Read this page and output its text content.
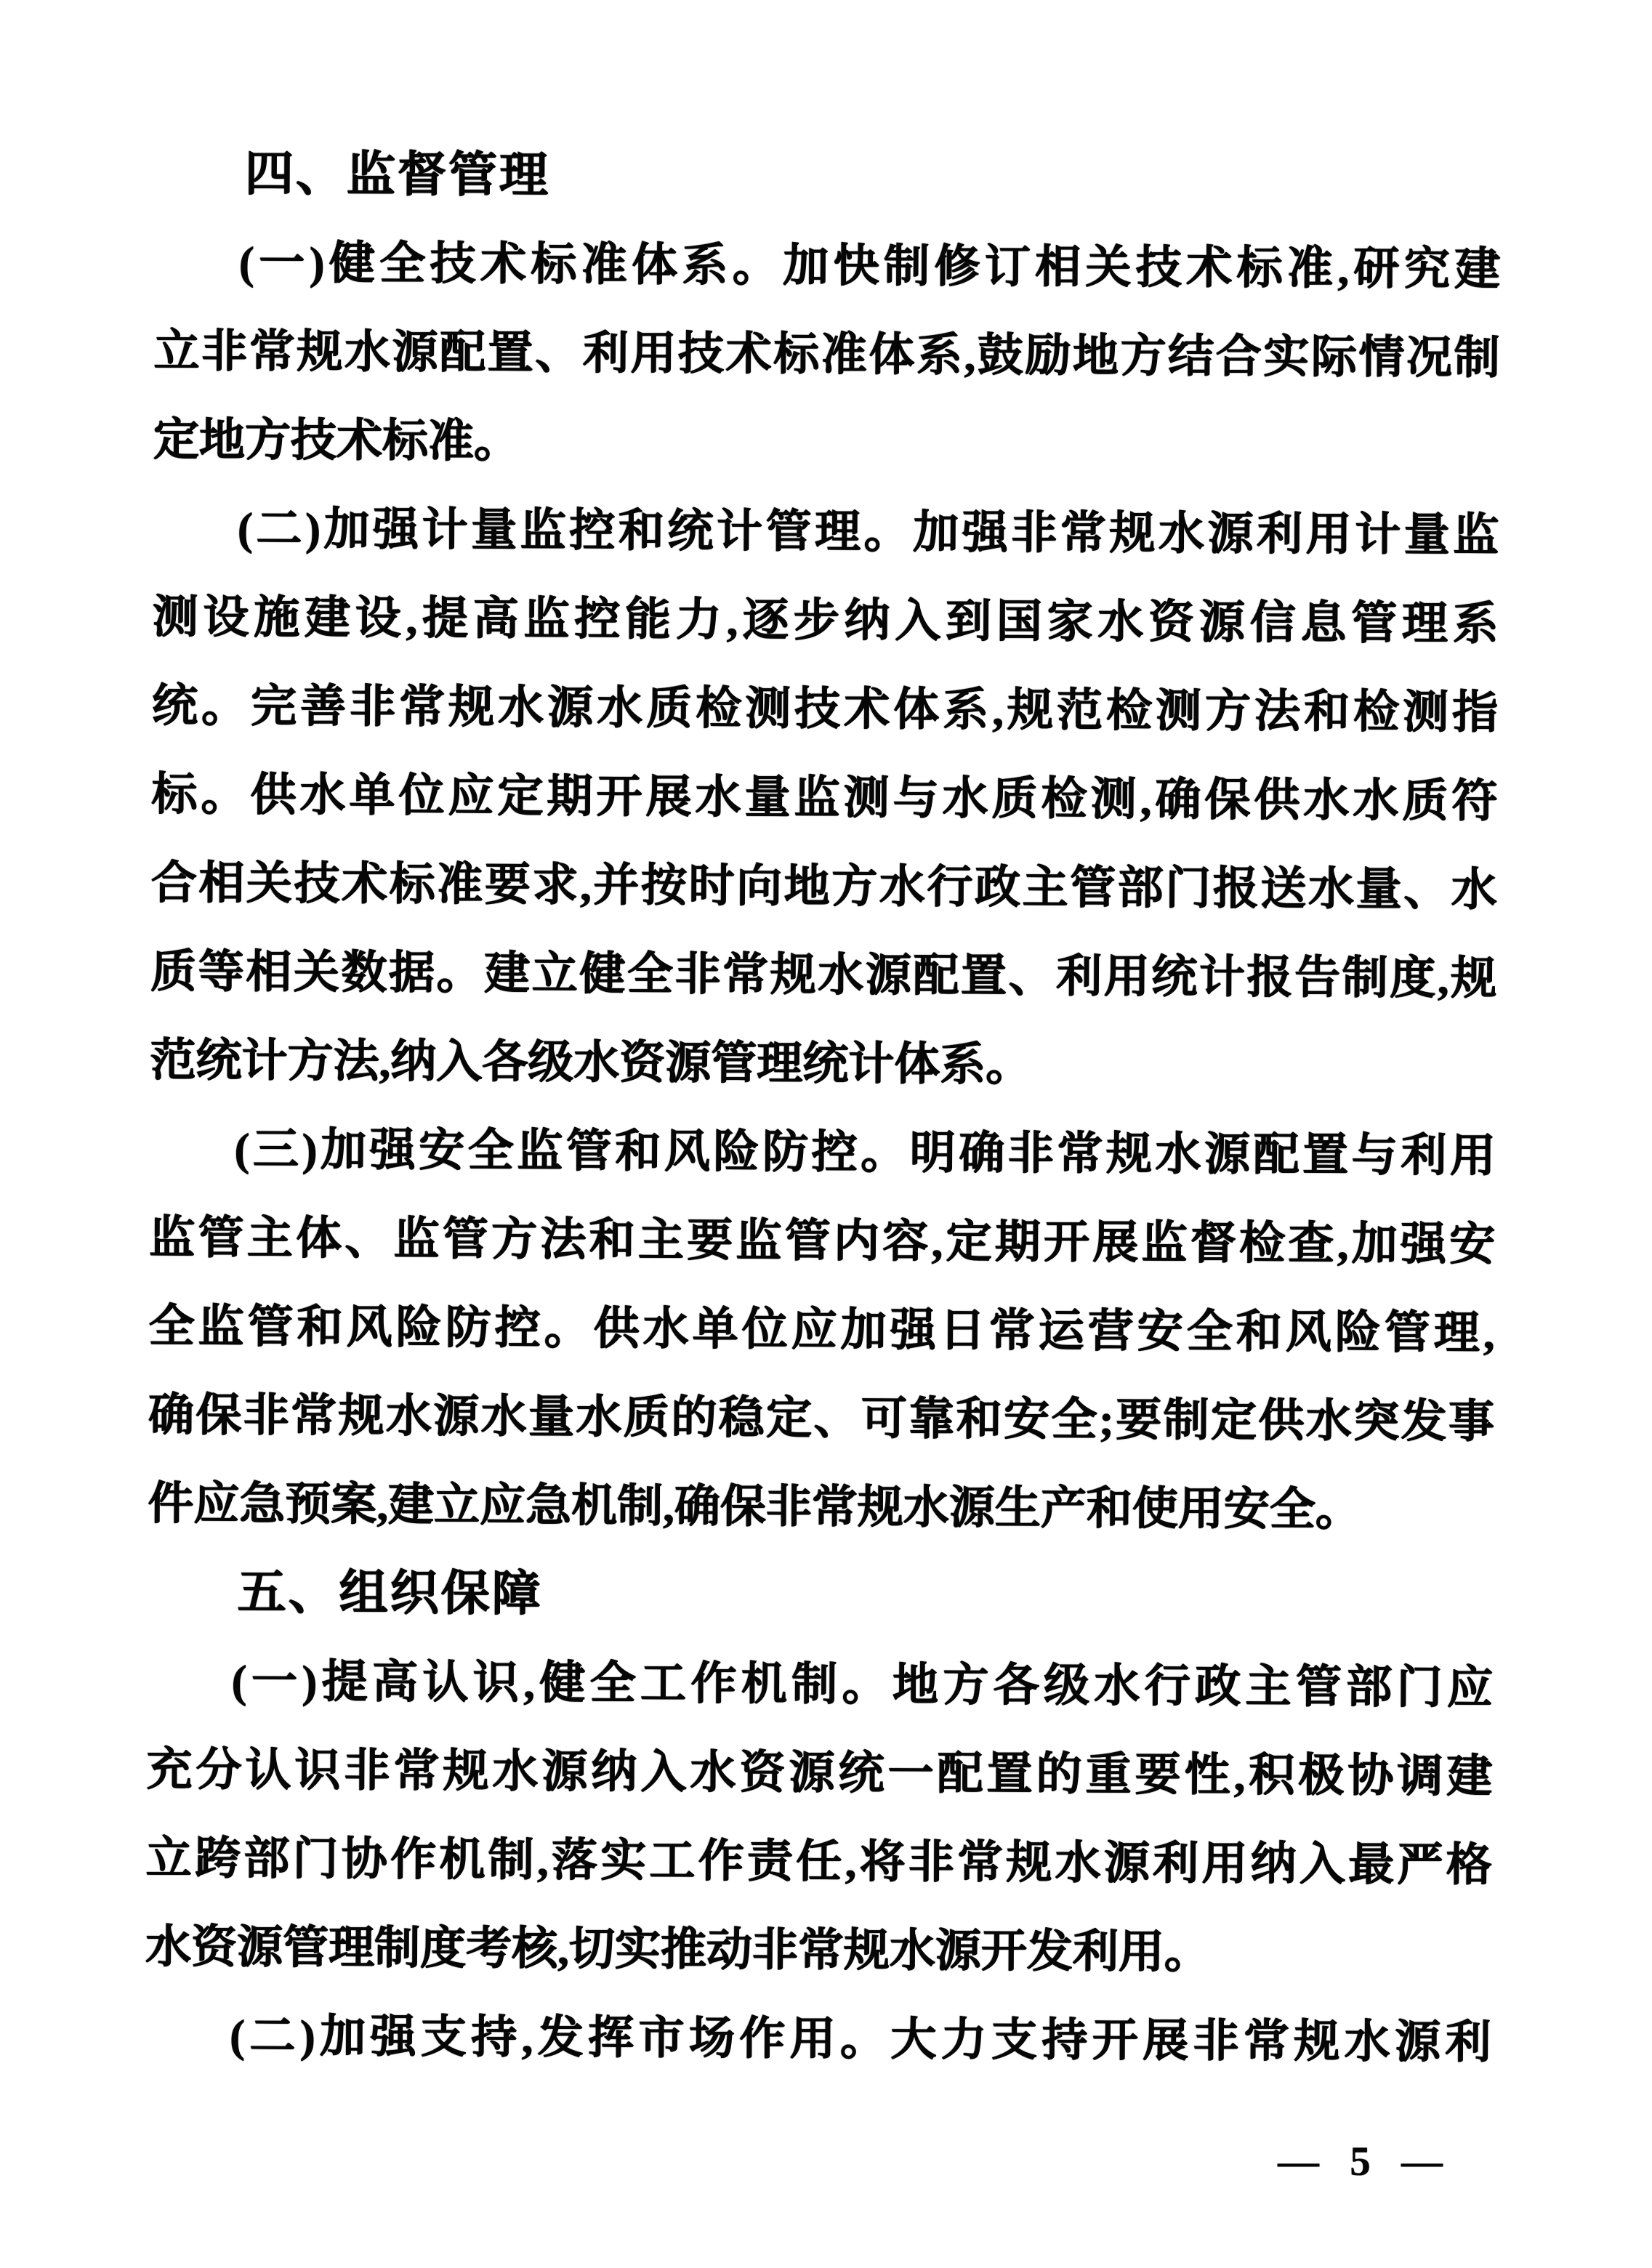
四、监督管理
(一)健全技术标准体系。加快制修订相关技术标准,研究建
立非常规水源配置、利用技术标准体系,鼓励地方结合实际情况制
定地方技术标准。
(二)加强计量监控和统计管理。加强非常规水源利用计量监
测设施建设,提高监控能力,逐步纳入到国家水资源信息管理系
统。完善非常规水源水质检测技术体系,规范检测方法和检测指
标。供水单位应定期开展水量监测与水质检测,确保供水水质符
合相关技术标准要求,并按时向地方水行政主管部门报送水量、水
质等相关数据。建立健全非常规水源配置、利用统计报告制度,规
范统计方法,纳入各级水资源管理统计体系。
(三)加强安全监管和风险防控。明确非常规水源配置与利用
监管主体、监管方法和主要监管内容,定期开展监督检查,加强安
全监管和风险防控。供水单位应加强日常运营安全和风险管理,
确保非常规水源水量水质的稳定、可靠和安全;要制定供水突发事
件应急预案,建立应急机制,确保非常规水源生产和使用安全。
五、组织保障
(一)提高认识,健全工作机制。地方各级水行政主管部门应
充分认识非常规水源纳入水资源统一配置的重要性,积极协调建
立跨部门协作机制,落实工作责任,将非常规水源利用纳入最严格
水资源管理制度考核,切实推动非常规水源开发利用。
(二)加强支持,发挥市场作用。大力支持开展非常规水源利
— 5 —
